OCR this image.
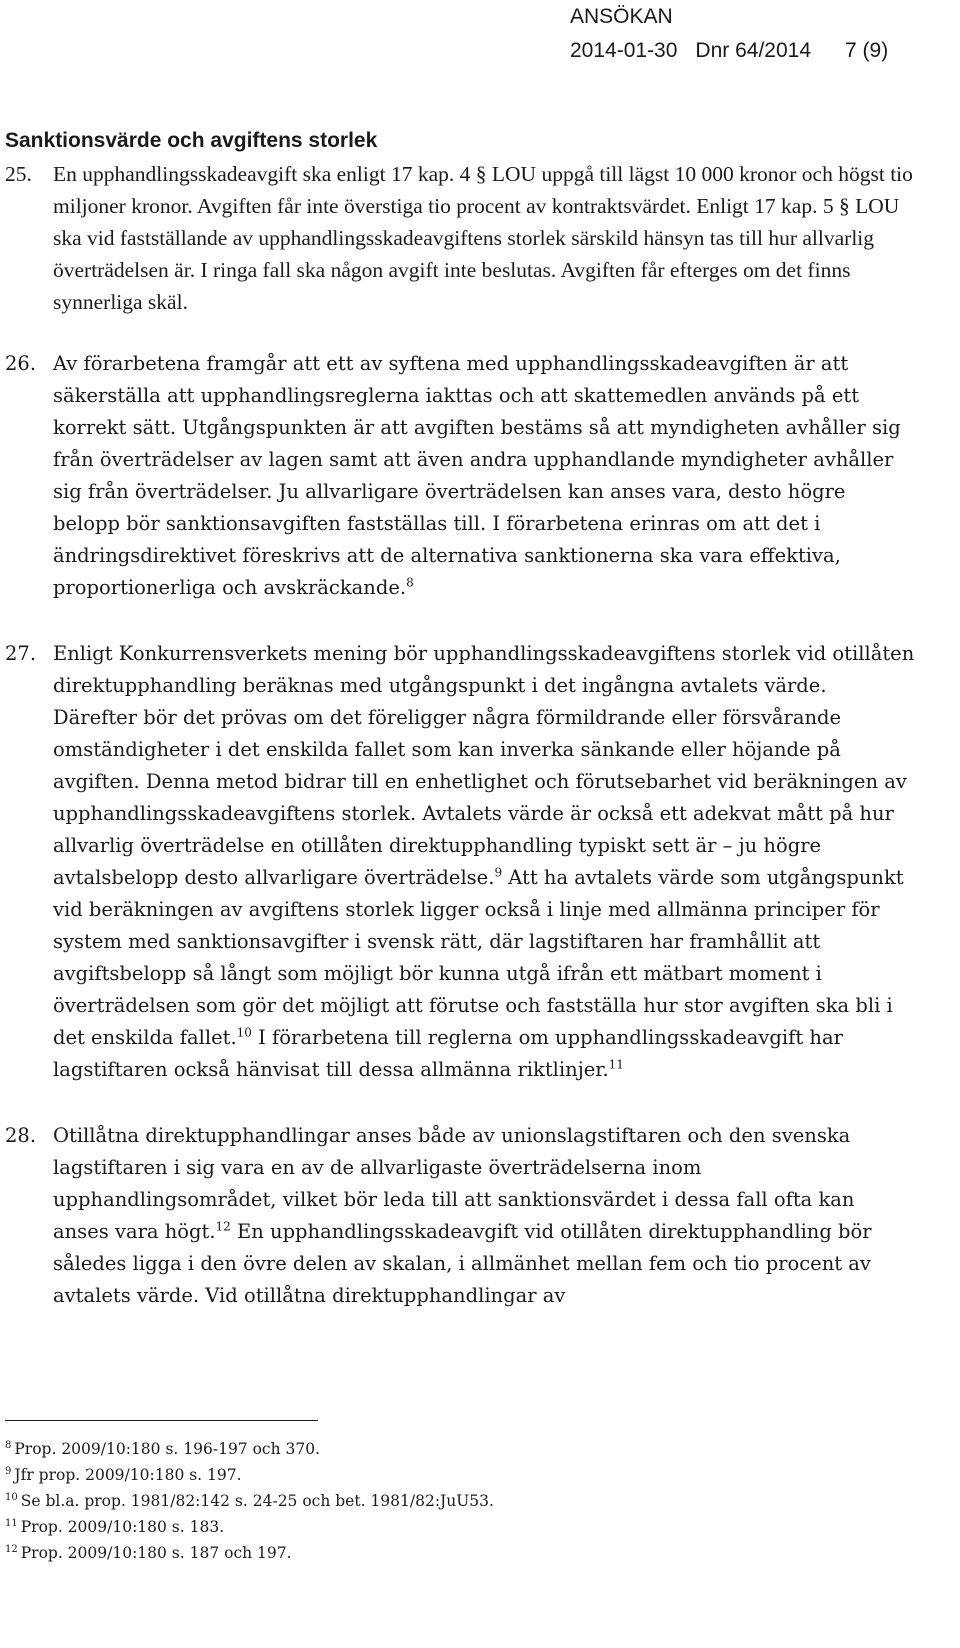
ANSÖKAN
2014-01-30 Dnr 64/2014 7 (9)
Sanktionsvärde och avgiftens storlek

25. En upphandlingsskadeavgift ska enligt 17 kap. 4 § LOU uppgå till lägst 10 000 kronor och högst tio miljoner kronor. Avgiften får inte överstiga tio procent av kontraktsvärdet. Enligt 17 kap. 5 § LOU ska vid fastställande av upphandlingsskadeavgiftens storlek särskild hänsyn tas till hur allvarlig överträdelsen är. I ringa fall ska någon avgift inte beslutas. Avgiften får efterges om det finns synnerliga skäl.

26. Av förarbetena framgår att ett av syftena med upphandlingsskadeavgiften är att säkerställa att upphandlingsreglerna iakttas och att skattemedlen används på ett korrekt sätt. Utgångspunkten är att avgiften bestäms så att myndigheten avhåller sig från överträdelser av lagen samt att även andra upphandlande myndigheter avhåller sig från överträdelser. Ju allvarligare överträdelsen kan anses vara, desto högre belopp bör sanktionsavgiften fastställas till. I förarbetena erinras om att det i ändringsdirektivet föreskrivs att de alternativa sanktionerna ska vara effektiva, proportionerliga och avskräckande.$^8$

27. Enligt Konkurrensverkets mening bör upphandlingsskadeavgiftens storlek vid otillåten direktupphandling beräknas med utgångspunkt i det ingångna avtalets värde. Därefter bör det prövas om det föreligger några förmildrande eller försvårande omständigheter i det enskilda fallet som kan inverka sänkande eller höjande på avgiften. Denna metod bidrar till en enhetlighet och förutsebarhet vid beräkningen av upphandlingsskadeavgiftens storlek. Avtalets värde är också ett adekvat mått på hur allvarlig överträdelse en otillåten direktupphandling typiskt sett är – ju högre avtalsbelopp desto allvarligare överträdelse.$^9$ Att ha avtalets värde som utgångspunkt vid beräkningen av avgiftens storlek ligger också i linje med allmänna principer för system med sanktionsavgifter i svensk rätt, där lagstiftaren har framhållit att avgiftsbelopp så långt som möjligt bör kunna utgå ifrån ett mätbart moment i överträdelsen som gör det möjligt att förutse och fastställa hur stor avgiften ska bli i det enskilda fallet.$^{10}$ I förarbetena till reglerna om upphandlingsskadeavgift har lagstiftaren också hänvisat till dessa allmänna riktlinjer.$^{11}$

28. Otillåtna direktupphandlingar anses både av unionslagstiftaren och den svenska lagstiftaren i sig vara en av de allvarligaste överträdelserna inom upphandlingsområdet, vilket bör leda till att sanktionsvärdet i dessa fall ofta kan anses vara högt.$^{12}$ En upphandlingsskadeavgift vid otillåten direktupphandling bör således ligga i den övre delen av skalan, i allmänhet mellan fem och tio procent av avtalets värde. Vid otillåtna direktupphandlingar av

$^8$ Prop. 2009/10:180 s. 196-197 och 370.
$^9$ Jfr prop. 2009/10:180 s. 197.
$^{10}$ Se bl.a. prop. 1981/82:142 s. 24-25 och bet. 1981/82:JuU53.
$^{11}$ Prop. 2009/10:180 s. 183.
$^{12}$ Prop. 2009/10:180 s. 187 och 197.
